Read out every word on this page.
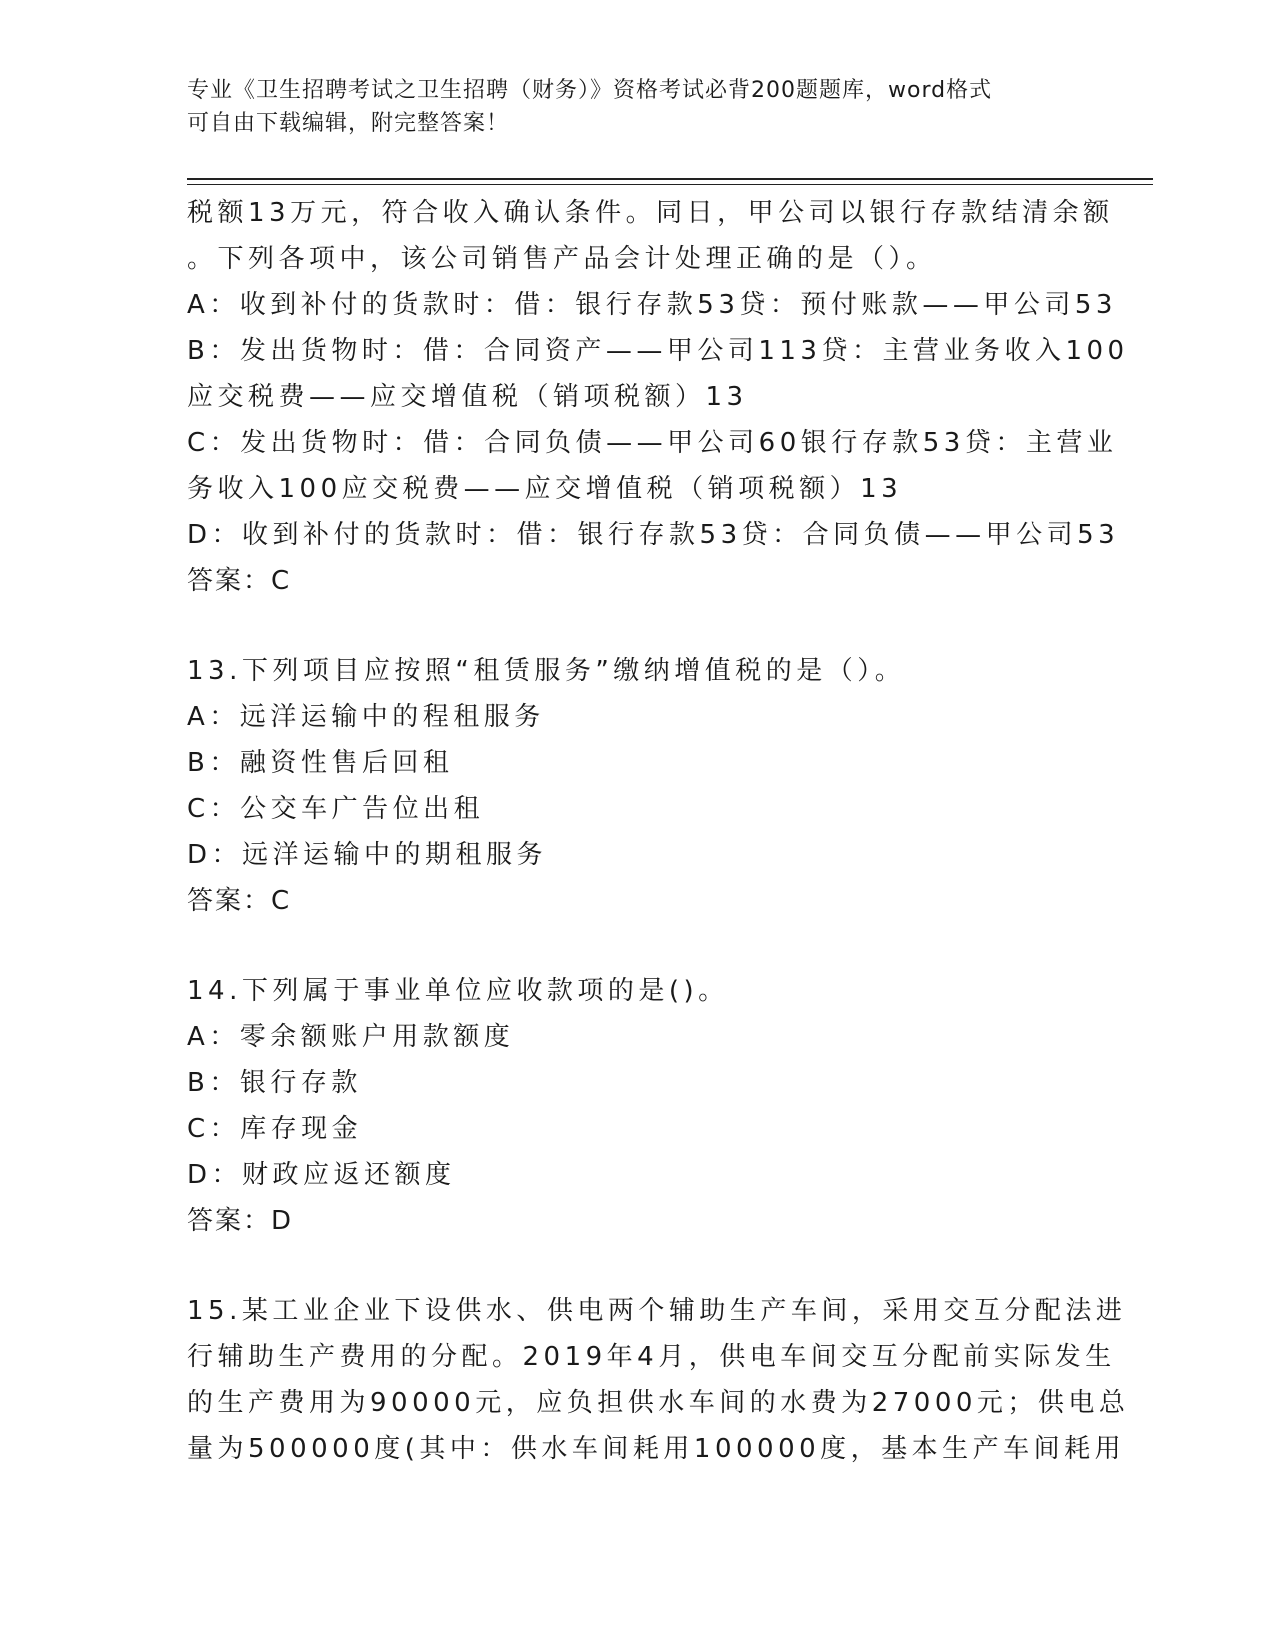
专业《卫生招聘考试之卫生招聘（财务）》资格考试必背200题题库，word格式
可自由下载编辑，附完整答案！
税额13万元，符合收入确认条件。同日，甲公司以银行存款结清余额
。下列各项中，该公司销售产品会计处理正确的是（）。
A：收到补付的货款时：借：银行存款53贷：预付账款——甲公司53
B：发出货物时：借：合同资产——甲公司113贷：主营业务收入100
应交税费——应交增值税（销项税额）13
C：发出货物时：借：合同负债——甲公司60银行存款53贷：主营业
务收入100应交税费——应交增值税（销项税额）13
D：收到补付的货款时：借：银行存款53贷：合同负债——甲公司53
答案：C
13.下列项目应按照“租赁服务”缴纳增值税的是（）。
A：远洋运输中的程租服务
B：融资性售后回租
C：公交车广告位出租
D：远洋运输中的期租服务
答案：C
14.下列属于事业单位应收款项的是()。
A：零余额账户用款额度
B：银行存款
C：库存现金
D：财政应返还额度
答案：D
15.某工业企业下设供水、供电两个辅助生产车间，采用交互分配法进
行辅助生产费用的分配。2019年4月，供电车间交互分配前实际发生
的生产费用为90000元，应负担供水车间的水费为27000元；供电总
量为500000度(其中：供水车间耗用100000度，基本生产车间耗用
